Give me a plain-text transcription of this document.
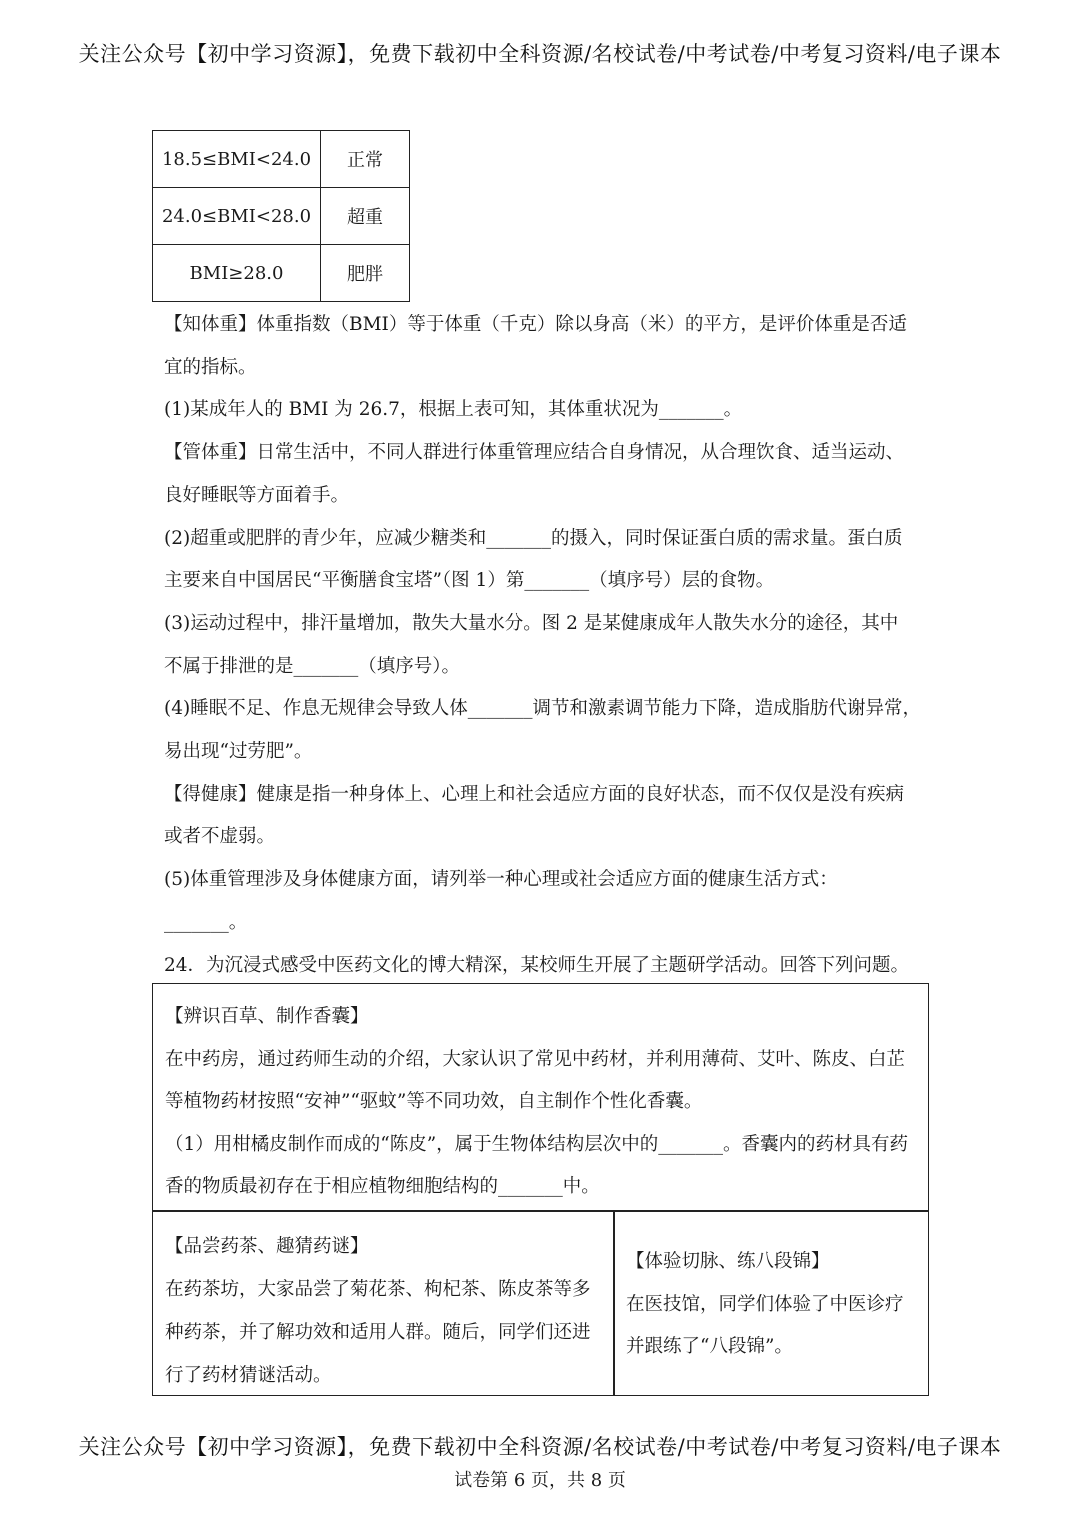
关注公众号【初中学习资源】，免费下载初中全科资源/名校试卷/中考试卷/中考复习资料/电子课本
18.5≤BMI<24.0	正常
24.0≤BMI<28.0	超重
BMI≥28.0	肥胖

【知体重】体重指数（BMI）等于体重（千克）除以身高（米）的平方，是评价体重是否适

宜的指标。

(1)某成年人的 BMI 为 26.7，根据上表可知，其体重状况为_______。

【管体重】日常生活中，不同人群进行体重管理应结合自身情况，从合理饮食、适当运动、

良好睡眠等方面着手。

(2)超重或肥胖的青少年，应减少糖类和_______的摄入，同时保证蛋白质的需求量。蛋白质

主要来自中国居民“平衡膳食宝塔”（图 1）第_______（填序号）层的食物。

(3)运动过程中，排汗量增加，散失大量水分。图 2 是某健康成年人散失水分的途径，其中

不属于排泄的是_______（填序号）。

(4)睡眠不足、作息无规律会导致人体_______调节和激素调节能力下降，造成脂肪代谢异常，

易出现“过劳肥”。

【得健康】健康是指一种身体上、心理上和社会适应方面的良好状态，而不仅仅是没有疾病

或者不虚弱。

(5)体重管理涉及身体健康方面，请列举一种心理或社会适应方面的健康生活方式：

_______。

24．为沉浸式感受中医药文化的博大精深，某校师生开展了主题研学活动。回答下列问题。

【辨识百草、制作香囊】

在中药房，通过药师生动的介绍，大家认识了常见中药材，并利用薄荷、艾叶、陈皮、白芷

等植物药材按照“安神”“驱蚊”等不同功效，自主制作个性化香囊。

（1）用柑橘皮制作而成的“陈皮”，属于生物体结构层次中的_______。香囊内的药材具有药

香的物质最初存在于相应植物细胞结构的_______中。

【品尝药茶、趣猜药谜】

在药茶坊，大家品尝了菊花茶、枸杞茶、陈皮茶等多

种药茶，并了解功效和适用人群。随后，同学们还进

行了药材猜谜活动。

【体验切脉、练八段锦】

在医技馆，同学们体验了中医诊疗

并跟练了“八段锦”。

关注公众号【初中学习资源】，免费下载初中全科资源/名校试卷/中考试卷/中考复习资料/电子课本
试卷第 6 页，共 8 页
